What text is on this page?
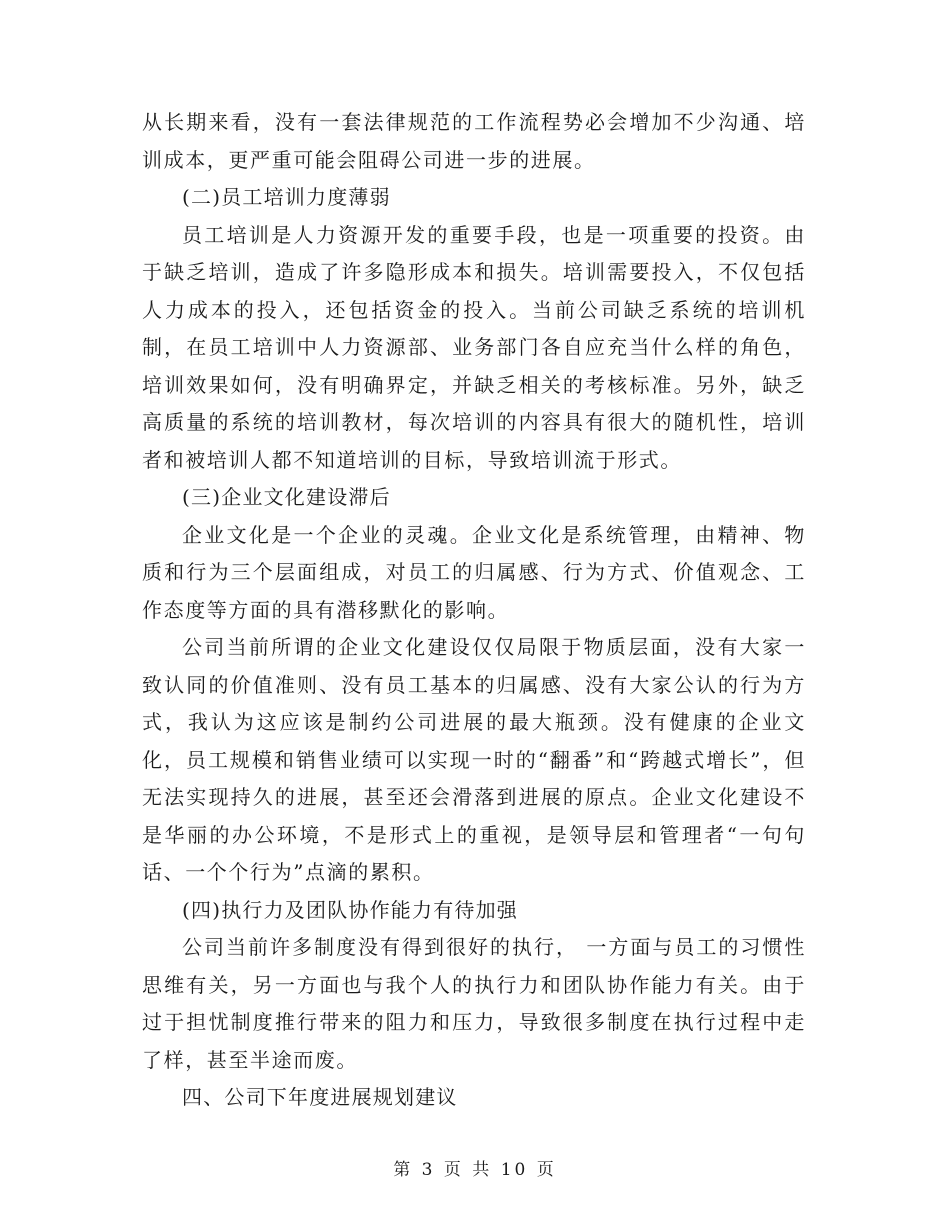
从长期来看，没有一套法律规范的工作流程势必会增加不少沟通、培训成本，更严重可能会阻碍公司进一步的进展。

(二)员工培训力度薄弱

员工培训是人力资源开发的重要手段，也是一项重要的投资。由于缺乏培训，造成了许多隐形成本和损失。培训需要投入，不仅包括人力成本的投入，还包括资金的投入。当前公司缺乏系统的培训机制，在员工培训中人力资源部、业务部门各自应充当什么样的角色，培训效果如何，没有明确界定，并缺乏相关的考核标准。另外，缺乏高质量的系统的培训教材，每次培训的内容具有很大的随机性，培训者和被培训人都不知道培训的目标，导致培训流于形式。

(三)企业文化建设滞后

企业文化是一个企业的灵魂。企业文化是系统管理，由精神、物质和行为三个层面组成，对员工的归属感、行为方式、价值观念、工作态度等方面的具有潜移默化的影响。

公司当前所谓的企业文化建设仅仅局限于物质层面，没有大家一致认同的价值准则、没有员工基本的归属感、没有大家公认的行为方式，我认为这应该是制约公司进展的最大瓶颈。没有健康的企业文化，员工规模和销售业绩可以实现一时的“翻番”和“跨越式增长”，但无法实现持久的进展，甚至还会滑落到进展的原点。企业文化建设不是华丽的办公环境，不是形式上的重视，是领导层和管理者“一句句话、一个个行为”点滴的累积。

(四)执行力及团队协作能力有待加强

公司当前许多制度没有得到很好的执行， 一方面与员工的习惯性思维有关，另一方面也与我个人的执行力和团队协作能力有关。由于过于担忧制度推行带来的阻力和压力，导致很多制度在执行过程中走了样，甚至半途而废。

四、公司下年度进展规划建议

第 3 页 共 10 页
